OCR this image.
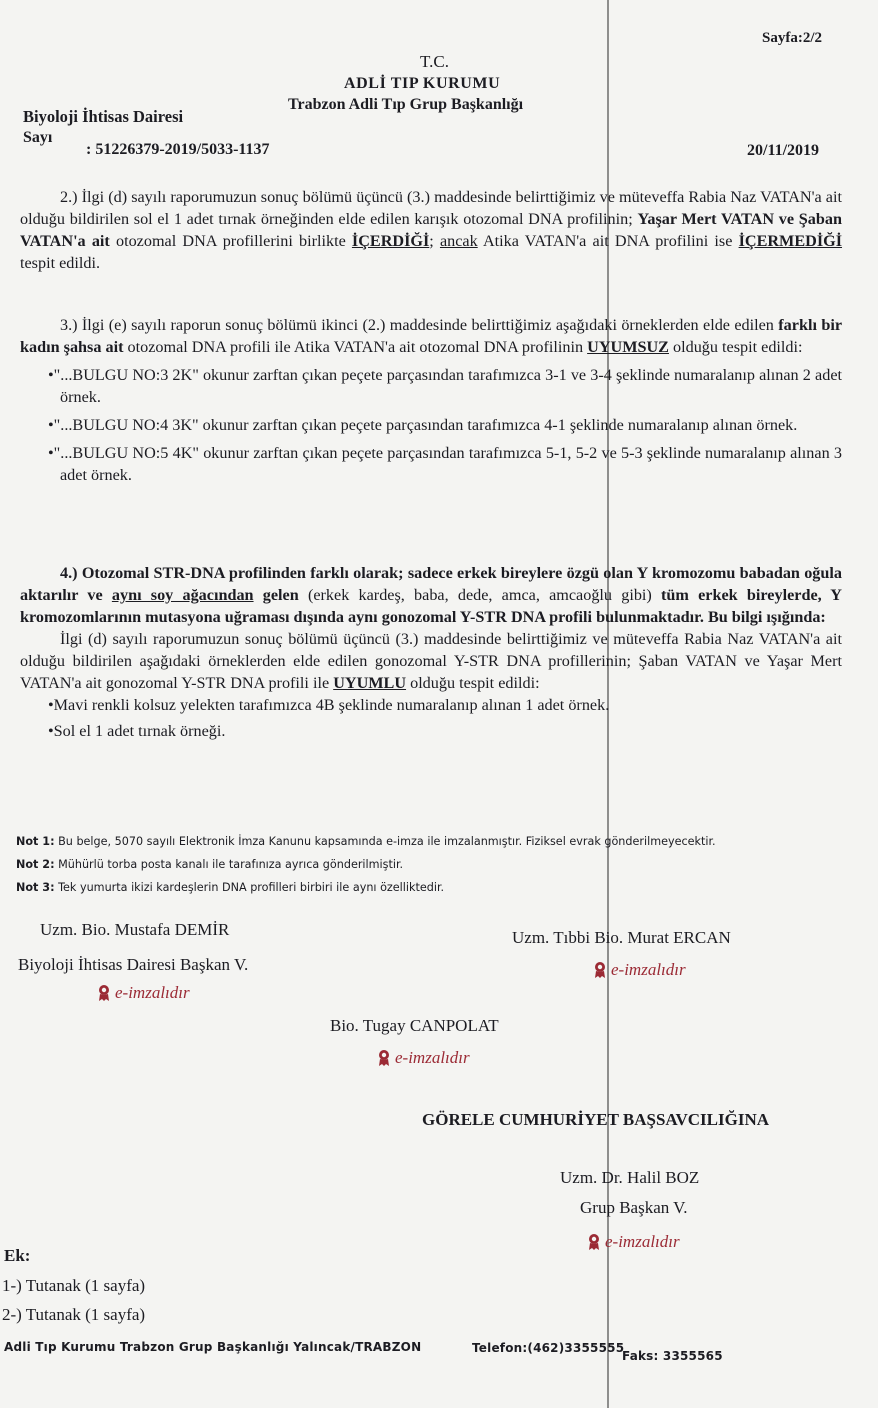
Sayfa:2/2
T.C.
ADLİ TIP KURUMU
Trabzon Adli Tıp Grup Başkanlığı
Biyoloji İhtisas Dairesi
Sayı
: 51226379-2019/5033-1137	20/11/2019

2.) İlgi (d) sayılı raporumuzun sonuç bölümü üçüncü (3.) maddesinde belirttiğimiz ve müteveffa Rabia Naz VATAN'a ait olduğu bildirilen sol el 1 adet tırnak örneğinden elde edilen karışık otozomal DNA profilinin; Yaşar Mert VATAN ve Şaban VATAN'a ait otozomal DNA profillerini birlikte İÇERDİĞİ; ancak Atika VATAN'a ait DNA profilini ise İÇERMEDİĞİ tespit edildi.

3.) İlgi (e) sayılı raporun sonuç bölümü ikinci (2.) maddesinde belirttiğimiz aşağıdaki örneklerden elde edilen farklı bir kadın şahsa ait otozomal DNA profili ile Atika VATAN'a ait otozomal DNA profilinin UYUMSUZ olduğu tespit edildi:

•"...BULGU NO:3 2K" okunur zarftan çıkan peçete parçasından tarafımızca 3-1 ve 3-4 şeklinde numaralanıp alınan 2 adet örnek.

•"...BULGU NO:4 3K" okunur zarftan çıkan peçete parçasından tarafımızca 4-1 şeklinde numaralanıp alınan örnek.

•"...BULGU NO:5 4K" okunur zarftan çıkan peçete parçasından tarafımızca 5-1, 5-2 ve 5-3 şeklinde numaralanıp alınan 3 adet örnek.

4.) Otozomal STR-DNA profilinden farklı olarak; sadece erkek bireylere özgü olan Y kromozomu babadan oğula aktarılır ve aynı soy ağacından gelen (erkek kardeş, baba, dede, amca, amcaoğlu gibi) tüm erkek bireylerde, Y kromozomlarının mutasyona uğraması dışında aynı gonozomal Y-STR DNA profili bulunmaktadır. Bu bilgi ışığında:

İlgi (d) sayılı raporumuzun sonuç bölümü üçüncü (3.) maddesinde belirttiğimiz ve müteveffa Rabia Naz VATAN'a ait olduğu bildirilen aşağıdaki örneklerden elde edilen gonozomal Y-STR DNA profillerinin; Şaban VATAN ve Yaşar Mert VATAN'a ait gonozomal Y-STR DNA profili ile UYUMLU olduğu tespit edildi:

•Mavi renkli kolsuz yelekten tarafımızca 4B şeklinde numaralanıp alınan 1 adet örnek.

•Sol el 1 adet tırnak örneği.

Not 1: Bu belge, 5070 sayılı Elektronik İmza Kanunu kapsamında e-imza ile imzalanmıştır. Fiziksel evrak gönderilmeyecektir.
Not 2: Mühürlü torba posta kanalı ile tarafınıza ayrıca gönderilmiştir.
Not 3: Tek yumurta ikizi kardeşlerin DNA profilleri birbiri ile aynı özelliktedir.
Uzm. Bio. Mustafa DEMİR
Biyoloji İhtisas Dairesi Başkan V.
e-imzalıdır
Uzm. Tıbbi Bio. Murat ERCAN
e-imzalıdır
Bio. Tugay CANPOLAT
e-imzalıdır
GÖRELE CUMHURİYET BAŞSAVCILIĞINA
Uzm. Dr. Halil BOZ
Grup Başkan V.
e-imzalıdır
Ek:
1-) Tutanak (1 sayfa)
2-) Tutanak (1 sayfa)
Adli Tıp Kurumu Trabzon Grup Başkanlığı Yalıncak/TRABZON	Telefon:(462)3355555
Faks: 3355565
